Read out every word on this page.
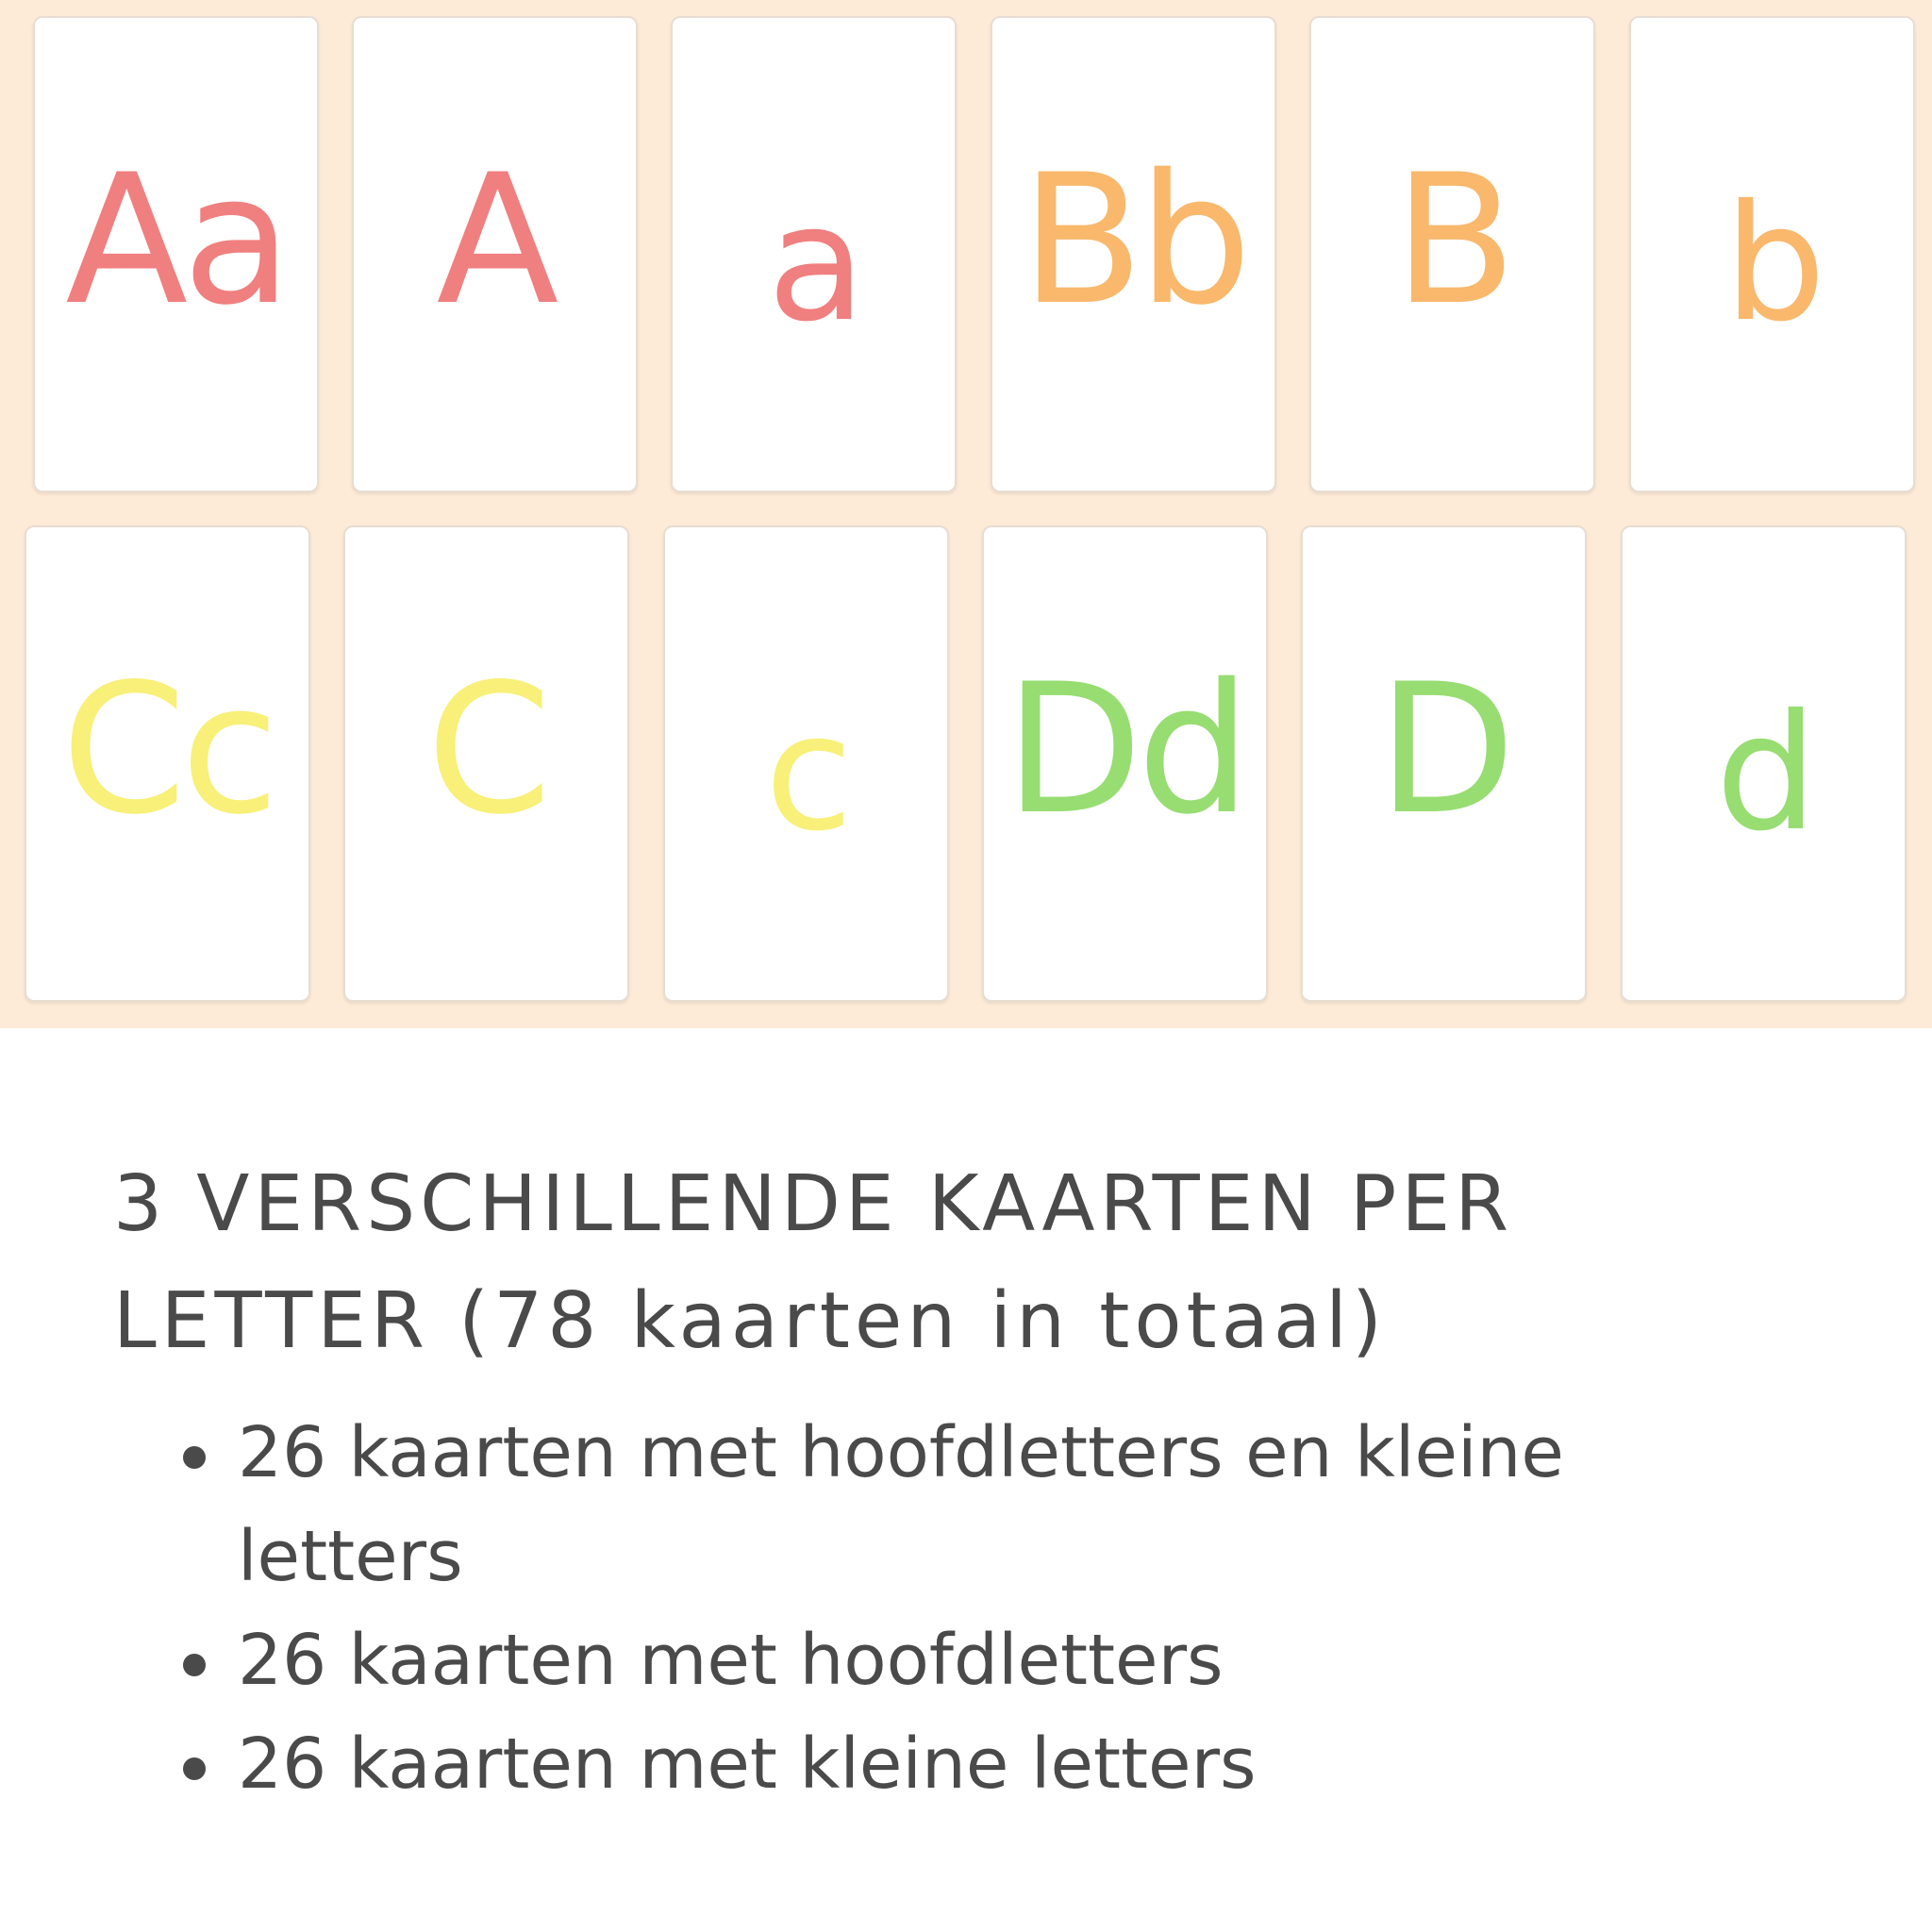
Aa A a Bb B b
Cc C c Dd D d
3 VERSCHILLENDE KAARTEN PER LETTER (78 kaarten in totaal)
26 kaarten met hoofdletters en kleine letters
26 kaarten met hoofdletters
26 kaarten met kleine letters
